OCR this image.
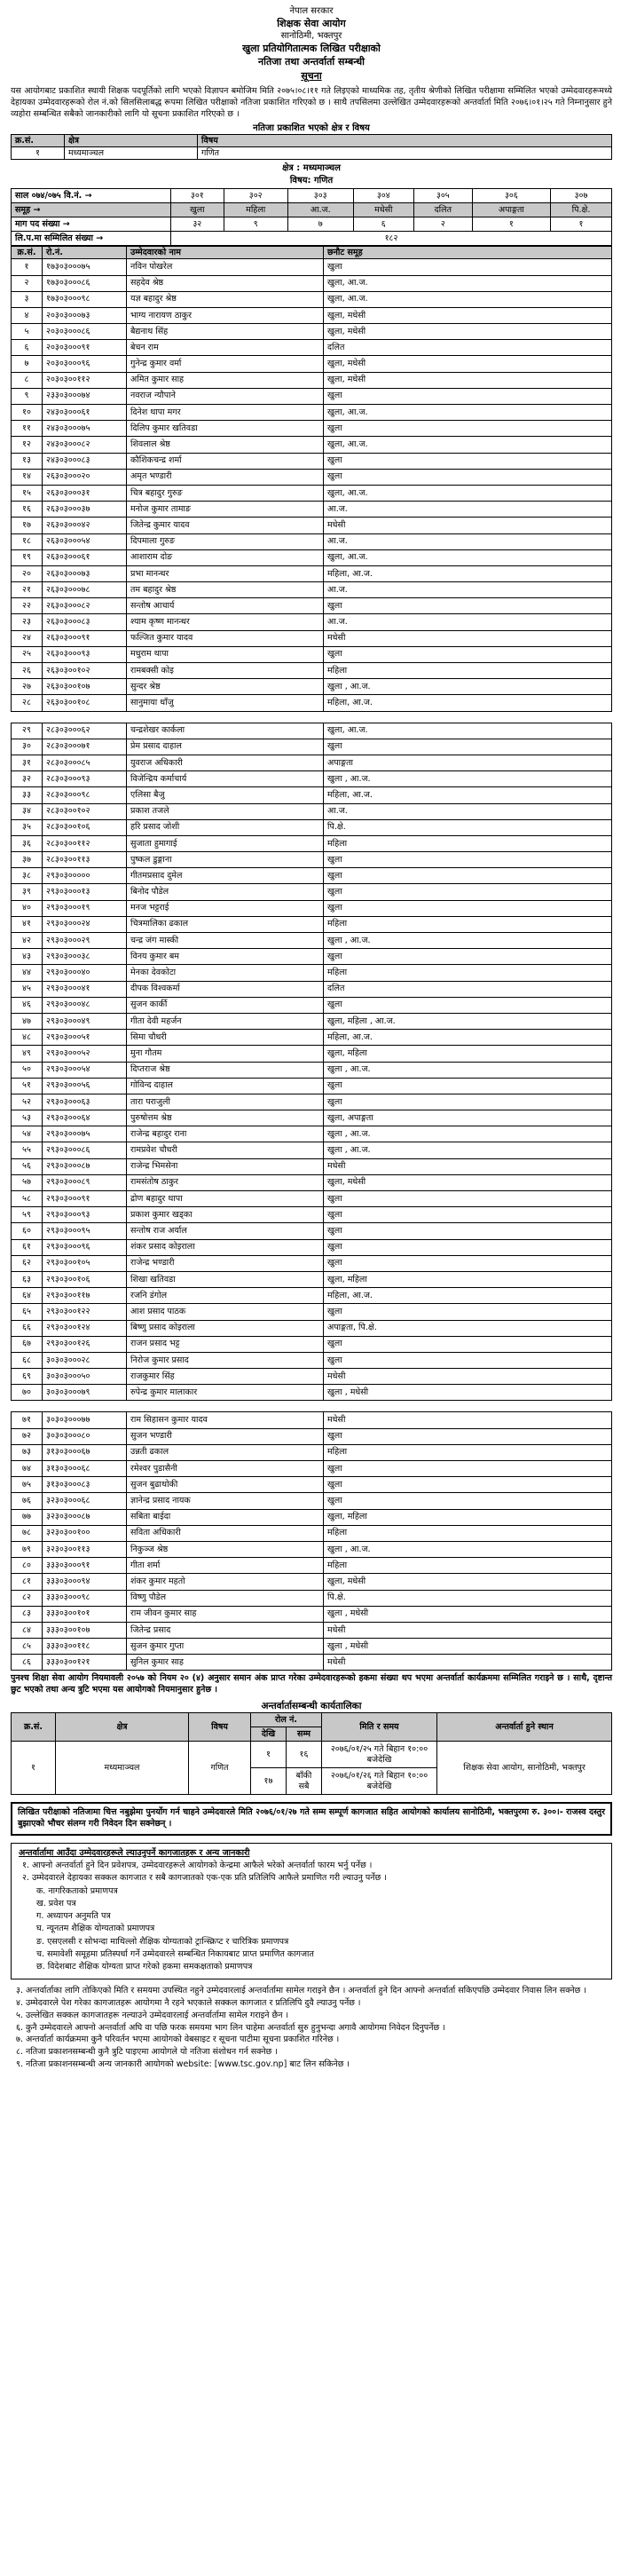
नेपाल सरकार
शिक्षक सेवा आयोग
सानोठिमी, भक्तपुर
खुला प्रतियोगितात्मक लिखित परीक्षाको
नतिजा तथा अन्तर्वार्ता सम्बन्धी
सूचना
यस आयोगबाट प्रकाशित स्थायी शिक्षक पदपूर्तिको लागि भएको विज्ञापन बमोजिम मिति २०७५।०८।११ गते लिइएको माध्यमिक तह, तृतीय श्रेणीको लिखित परीक्षामा सम्मिलित भएको उम्मेदवारहरूमध्ये देहायका उम्मेदवारहरूको रोल नं.को सिलसिलाबद्ध रूपमा लिखित परीक्षाको नतिजा प्रकाशित गरिएको छ । साथै तपसिलमा उल्लेखित उम्मेदवारहरूको अन्तर्वार्ता मिति २०७६।०१।२५ गते निम्नानुसार हुने व्यहोरा सम्बन्धित सबैको जानकारीको लागि यो सूचना प्रकाशित गरिएको छ ।
नतिजा प्रकाशित भएको क्षेत्र र विषय
क्र.सं.	क्षेत्र	विषय
१	मध्यमाञ्चल	गणित
क्षेत्र : मध्यमाञ्चल
विषय: गणित
साल ०७४/०७५ वि.नं. →	३०१	३०२	३०३	३०४	३०५	३०६	३०७
समूह →	खुला	महिला	आ.ज.	मधेसी	दलित	अपाङ्गता	पि.क्षे.
माग पद संख्या →	३२	९	७	६	२	१	१
लि.प.मा सम्मिलित संख्या →	१८२						
क्र.सं.	रो.नं.	उम्मेदवारको नाम	छनौट समूह
१	१७३०३०००७५	नविन पोखरेल	खुला
२	१७३०३०००८६	सहदेव श्रेष्ठ	खुला, आ.ज.
३	१७३०३०००९८	यज्ञ बहादुर श्रेष्ठ	खुला, आ.ज.
४	२०३०३०००७३	भाग्य नारायण ठाकुर	खुला, मधेसी
५	२०३०३०००८६	बैद्यनाथ सिंह	खुला, मधेसी
६	२०३०३०००९१	बेचन राम	दलित
७	२०३०३०००९६	गुनेन्द्र कुमार वर्मा	खुला, मधेसी
८	२०३०३००११२	अमित कुमार साह	खुला, मधेसी
९	२३३०३०००७४	नवराज न्यौपाने	खुला
१०	२४३०३०००६१	दिनेश थापा मगर	खुला, आ.ज.
११	२४३०३०००७५	दिलिप कुमार खतिवडा	खुला
१२	२४३०३०००८२	शिवलाल श्रेष्ठ	खुला, आ.ज.
१३	२४३०३०००८३	कौशिकचन्द्र शर्मा	खुला
१४	२६३०३०००२०	अमृत भण्डारी	खुला
१५	२६३०३०००३१	चित्र बहादुर गुरुङ	खुला, आ.ज.
१६	२६३०३०००३७	मनोज कुमार तामाङ	आ.ज.
१७	२६३०३०००४२	जितेन्द्र कुमार यादव	मधेसी
१८	२६३०३०००५४	दिपमाला गुरुङ	आ.ज.
१९	२६३०३०००६१	आशाराम दोङ	खुला, आ.ज.
२०	२६३०३०००७३	प्रभा मानन्धर	महिला, आ.ज.
२१	२६३०३०००७८	तम बहादुर श्रेष्ठ	आ.ज.
२२	२६३०३०००८२	सन्तोष आचार्य	खुला
२३	२६३०३०००८३	श्याम कृष्ण मानन्धर	आ.ज.
२४	२६३०३०००९१	फल्जित कुमार यादव	मधेसी
२५	२६३०३०००९३	मधुराम थापा	खुला
२६	२६३०३००१०२	रामबक्सी कोइ	महिला
२७	२६३०३००१०७	सुन्दर श्रेष्ठ	खुला , आ.ज.
२८	२६३०३००१०८	सानुमाया धाँजु	महिला, आ.ज.

२९	२८३०३०००६२	चन्द्रशेखर कार्कला	खुला, आ.ज.
३०	२८३०३०००७१	प्रेम प्रसाद दाहाल	खुला
३१	२८३०३०००८५	युवराज अधिकारी	अपाङ्गता
३२	२८३०३०००९३	विजेन्द्रिय कर्माचार्य	खुला , आ.ज.
३३	२८३०३०००९८	एलिसा बैजु	महिला, आ.ज.
३४	२८३०३००१०२	प्रकाश तजले	आ.ज.
३५	२८३०३००१०६	हरि प्रसाद जोशी	पि.क्षे.
३६	२८३०३००११२	सुजाता हुमागाई	महिला
३७	२८३०३००११३	पुष्कल डुङ्गाना	खुला
३८	२९३०३०००००	गीतमप्रसाद दुमेल	खुला
३९	२९३०३०००१३	बिनोद पौडेल	खुला
४०	२९३०३०००१९	मनज भट्टराई	खुला
४१	२९३०३०००२४	चित्रमालिका ढकाल	महिला
४२	२९३०३०००२९	चन्द्र जंग मास्की	खुला , आ.ज.
४३	२९३०३०००३८	विनय कुमार बम	खुला
४४	२९३०३०००४०	मेनका देवकोटा	महिला
४५	२९३०३०००४१	दीपक विश्वकर्मा	दलित
४६	२९३०३०००४८	सुजन कार्की	खुला
४७	२९३०३०००४९	गीता देवी महर्जन	खुला, महिला , आ.ज.
४८	२९३०३०००५१	सिमा चौधरी	महिला, आ.ज.
४९	२९३०३०००५२	मुना गौतम	खुला, महिला
५०	२९३०३०००५४	दिप्तराज श्रेष्ठ	खुला , आ.ज.
५१	२९३०३०००५६	गोविन्द दाहाल	खुला
५२	२९३०३०००६३	तारा पराजुली	खुला
५३	२९३०३०००६४	पुरुषोत्तम श्रेष्ठ	खुला, अपाङ्गता
५४	२९३०३०००७५	राजेन्द्र बहादुर राना	खुला , आ.ज.
५५	२९३०३०००८६	रामप्रवेश चौधरी	खुला , आ.ज.
५६	२९३०३०००८७	राजेन्द्र भिमसेना	मधेसी
५७	२९३०३०००८९	रामसंतोष ठाकुर	खुला, मधेसी
५८	२९३०३०००९१	द्रोण बहादुर थापा	खुला
५९	२९३०३०००९३	प्रकाश कुमार खड्का	खुला
६०	२९३०३०००९५	सन्तोष राज अर्याल	खुला
६१	२९३०३०००९६	शंकर प्रसाद कोइराला	खुला
६२	२९३०३००१०५	राजेन्द्र भण्डारी	खुला
६३	२९३०३००१०६	शिखा खतिवडा	खुला, महिला
६४	२९३०३००११७	रजनि डंगोल	महिला, आ.ज.
६५	२९३०३००१२२	आश प्रसाद पाठक	खुला
६६	२९३०३००१२४	बिष्णु प्रसाद कोइराला	अपाङ्गता, पि.क्षे.
६७	२९३०३००१२६	राजन प्रसाद भट्ट	खुला
६८	३०३०३०००२८	निरोज कुमार प्रसाद	खुला
६९	३०३०३०००५०	राजकुमार सिंह	मधेसी
७०	३०३०३०००७९	रुपेन्द्र कुमार मालाकार	खुला , मधेसी

७१	३०३०३०००७७	राम सिहासन कुमार यादव	मधेसी
७२	३०३०३०००८०	सुजन भण्डारी	खुला
७३	३१३०३०००६७	उन्नती ढकाल	महिला
७४	३१३०३०००६८	रमेश्वर पुडासैनी	खुला
७५	३१३०३०००८३	सुजन बुढाथोकी	खुला
७६	३२३०३०००६८	ज्ञानेन्द्र प्रसाद नायक	खुला
७७	३२३०३०००८७	सबिता बाईदा	खुला, महिला
७८	३२३०३००१००	सविता अधिकारी	महिला
७९	३२३०३००११३	निकुञ्ज श्रेष्ठ	खुला , आ.ज.
८०	३३३०३०००९१	गीता शर्मा	महिला
८१	३३३०३०००९४	शंकर कुमार महतो	खुला, मधेसी
८२	३३३०३०००९८	विष्णु पौडेल	पि.क्षे.
८३	३३३०३००१०१	राम जीवन कुमार साह	खुला , मधेसी
८४	३३३०३००१०७	जितेन्द्र प्रसाद	मधेसी
८५	३३३०३००११८	सुजन कुमार गुप्ता	खुला , मधेसी
८६	३३३०३००१२१	सुनिल कुमार साह	मधेसी
पुनश्च शिक्षा सेवा आयोग नियमावली २०५७ को नियम २० (४) अनुसार समान अंक प्राप्त गरेका उम्मेदवारहरूको हकमा संख्या थप भएमा अन्तर्वार्ता कार्यक्रममा सम्मिलित गराइने छ । साथै, दृष्टान्त छुट भएको तथा अन्य त्रुटि भएमा यस आयोगको नियमानुसार हुनेछ ।
अन्तर्वार्तासम्बन्धी कार्यतालिका
क्र.सं.	क्षेत्र	विषय	रोल नं.		मिति र समय	अन्तर्वार्ता हुने स्थान
			देखि	सम्म		
१	मध्यमाञ्चल	गणित	१	१६	२०७६/०१/२५ गते बिहान १०:०० बजेदेखि	शिक्षक सेवा आयोग, सानोठिमी, भक्तपुर
			१७	बाँकी सबै	२०७६/०१/२६ गते बिहान १०:०० बजेदेखि	
लिखित परीक्षाको नतिजामा चित्त नबुझेमा पुनर्योग गर्न चाहने उम्मेदवारले मिति २०७६/०१/२७ गते सम्म सम्पूर्ण कागजात सहित आयोगको कार्यालय सानोठिमी, भक्तपुरमा रु. ३००।- राजस्व दस्तुर बुझाएको भौचर संलग्न गरी निवेदन दिन सक्नेछन् ।
अन्तर्वार्तामा आउँदा उम्मेदवारहरूले ल्याउनुपर्ने कागजातहरू र अन्य जानकारी
१. आफ्नो अन्तर्वार्ता हुने दिन प्रवेशपत्र, उम्मेदवारहरूले आयोगको केन्द्रमा आफैले भरेको अन्तर्वार्ता फारम भर्नु पर्नेछ ।
२. उम्मेदवारले देहायका सक्कल कागजात र सबै कागजातको एक-एक प्रति प्रतिलिपि आफैले प्रमाणित गरी ल्याउनु पर्नेछ ।
क. नागरिकताको प्रमाणपत्र
ख. प्रवेश पत्र
ग. अध्यापन अनुमति पत्र
घ. न्यूनतम शैक्षिक योग्यताको प्रमाणपत्र
ङ. एसएलसी र सोभन्दा माथिल्लो शैक्षिक योग्यताको ट्रान्स्क्रिप्ट र चारित्रिक प्रमाणपत्र
च. समावेशी समूहमा प्रतिस्पर्धा गर्ने उम्मेदवारले सम्बन्धित निकायबाट प्राप्त प्रमाणित कागजात
छ. विदेशबाट शैक्षिक योग्यता प्राप्त गरेको हकमा समकक्षताको प्रमाणपत्र
३. अन्तर्वार्ताका लागि तोकिएको मिति र समयमा उपस्थित नहुने उम्मेदवारलाई अन्तर्वार्तामा सामेल गराइने छैन । अन्तर्वार्ता हुने दिन आफ्नो अन्तर्वार्ता सकिएपछि उम्मेदवार निवास लिन सक्नेछ ।
४. उम्मेदवारले पेश गरेका कागजातहरू आयोगमा नै रहने भएकाले सक्कल कागजात र प्रतिलिपि दुवै ल्याउनु पर्नेछ ।
५. उल्लेखित सक्कल कागजातहरू नल्याउने उम्मेदवारलाई अन्तर्वार्तामा सामेल गराइने छैन ।
६. कुनै उम्मेदवारले आफ्नो अन्तर्वार्ता अघि वा पछि फरक समयमा भाग लिन चाहेमा अन्तर्वार्ता सुरु हुनुभन्दा अगावै आयोगमा निवेदन दिनुपर्नेछ ।
७. अन्तर्वार्ता कार्यक्रममा कुनै परिवर्तन भएमा आयोगको वेबसाइट र सूचना पाटीमा सूचना प्रकाशित गरिनेछ ।
८. नतिजा प्रकाशनसम्बन्धी कुनै त्रुटि पाइएमा आयोगले यो नतिजा संशोधन गर्न सक्नेछ ।
९. नतिजा प्रकाशनसम्बन्धी अन्य जानकारी आयोगको website: [www.tsc.gov.np] बाट लिन सकिनेछ ।
